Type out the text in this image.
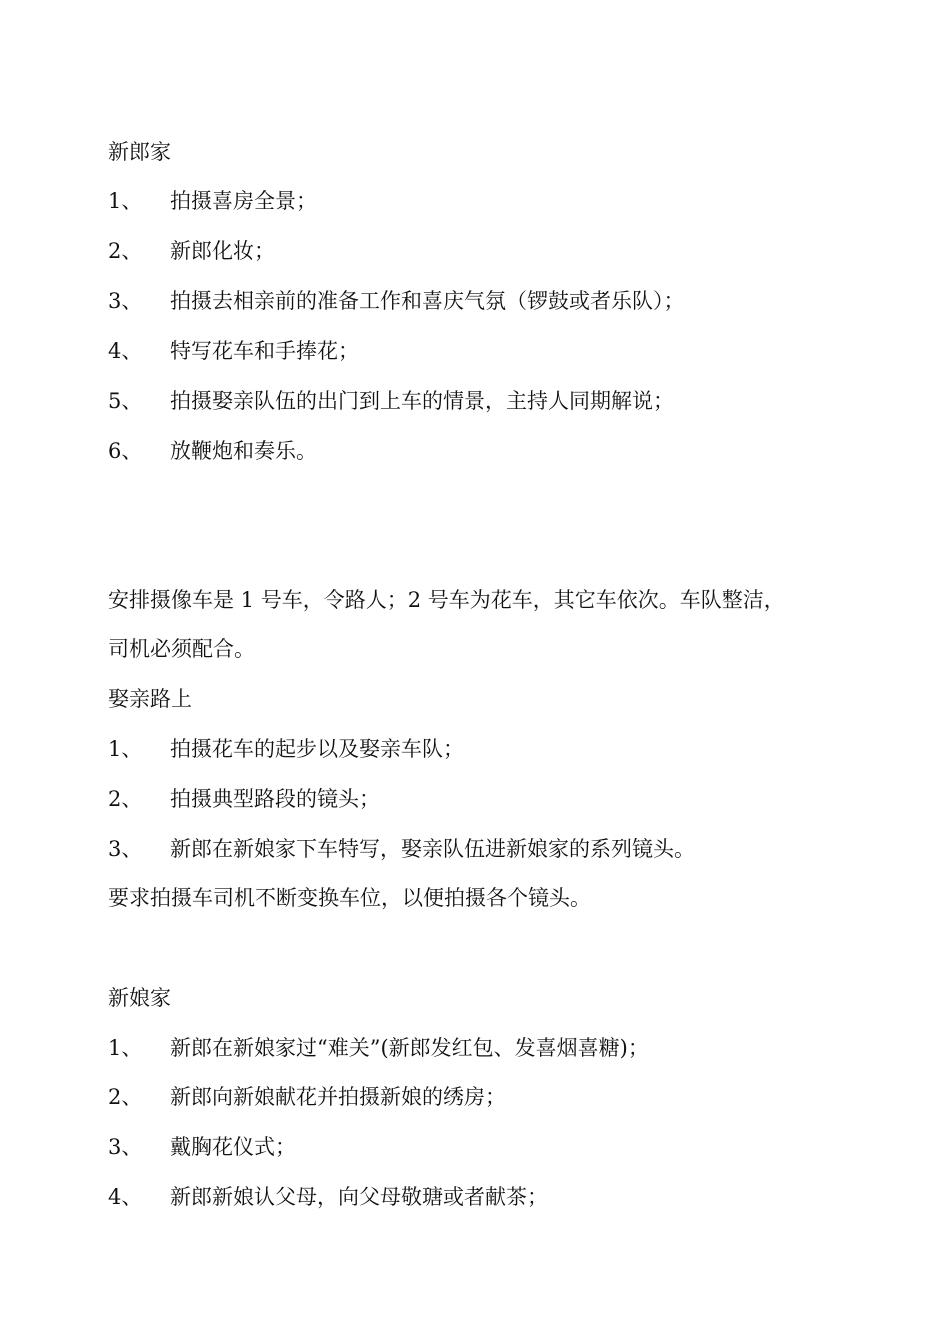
新郎家
1、 拍摄喜房全景；
2、 新郎化妆；
3、 拍摄去相亲前的准备工作和喜庆气氛（锣鼓或者乐队）；
4、 特写花车和手捧花；
5、 拍摄娶亲队伍的出门到上车的情景，主持人同期解说；
6、 放鞭炮和奏乐。
安排摄像车是 1 号车，令路人；2 号车为花车，其它车依次。车队整洁，
司机必须配合。
娶亲路上
1、 拍摄花车的起步以及娶亲车队；
2、 拍摄典型路段的镜头；
3、 新郎在新娘家下车特写，娶亲队伍进新娘家的系列镜头。
要求拍摄车司机不断变换车位，以便拍摄各个镜头。
新娘家
1、 新郎在新娘家过“难关”(新郎发红包、发喜烟喜糖)；
2、 新郎向新娘献花并拍摄新娘的绣房；
3、 戴胸花仪式；
4、 新郎新娘认父母，向父母敬瑭或者献茶；
